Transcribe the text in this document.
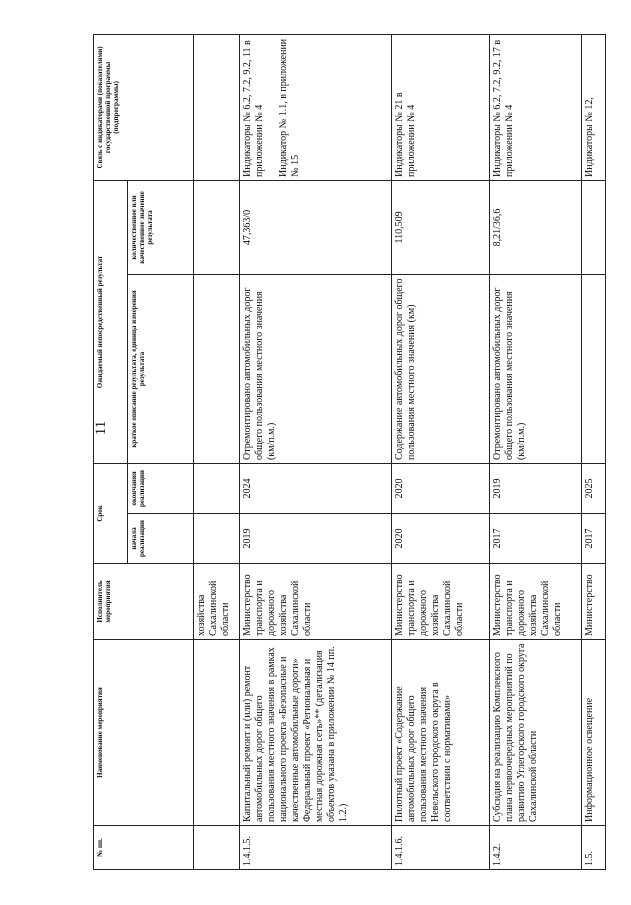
11
№ пп.	Наименование мероприятия	Исполнитель мероприятия	Срок		Ожидаемый непосредственный результат		Связь с индикаторами (показателями) государственной программы (подпрограммы)
			начала реализации	окончания реализации	краткое описание результата, единица измерения результата	количественное или качественное значение результата	
		хозяйства Сахалинской области					
1.4.1.5.	Капитальный ремонт и (или) ремонт автомобильных дорог общего пользования местного значения в рамках национального проекта «Безопасные и качественные автомобильные дороги» Федеральный проект «Региональная и местная дорожная сеть»** (детализация объектов указана в приложении № 14 пп. 1.2.)	Министерство транспорта и дорожного хозяйства Сахалинской области	2019	2024	Отремонтировано автомобильных дорог общего пользования местного значения (км/п.м.)	47,363/0	Индикаторы № 6.2, 7.2, 9.2, 11 в приложении № 4

Индикатор № 1.1, в приложении № 15
1.4.1.6.	Пилотный проект «Содержание автомобильных дорог общего пользования местного значения Невельского городского округа в соответствии с нормативами»	Министерство транспорта и дорожного хозяйства Сахалинской области	2020	2020	Содержание автомобильных дорог общего пользования местного значения (км)	110,509	Индикаторы № 21 в приложении № 4
1.4.2.	Субсидия на реализацию Комплексного плана первоочередных мероприятий по развитию Углегорского городского округа Сахалинской области	Министерство транспорта и дорожного хозяйства Сахалинской области	2017	2019	Отремонтировано автомобильных дорог общего пользования местного значения (км/п.м.)	8,21/36,6	Индикаторы № 6.2, 7.2, 9.2, 17 в приложении № 4
1.5.	Информационное освещение	Министерство	2017	2025			Индикаторы № 12,
